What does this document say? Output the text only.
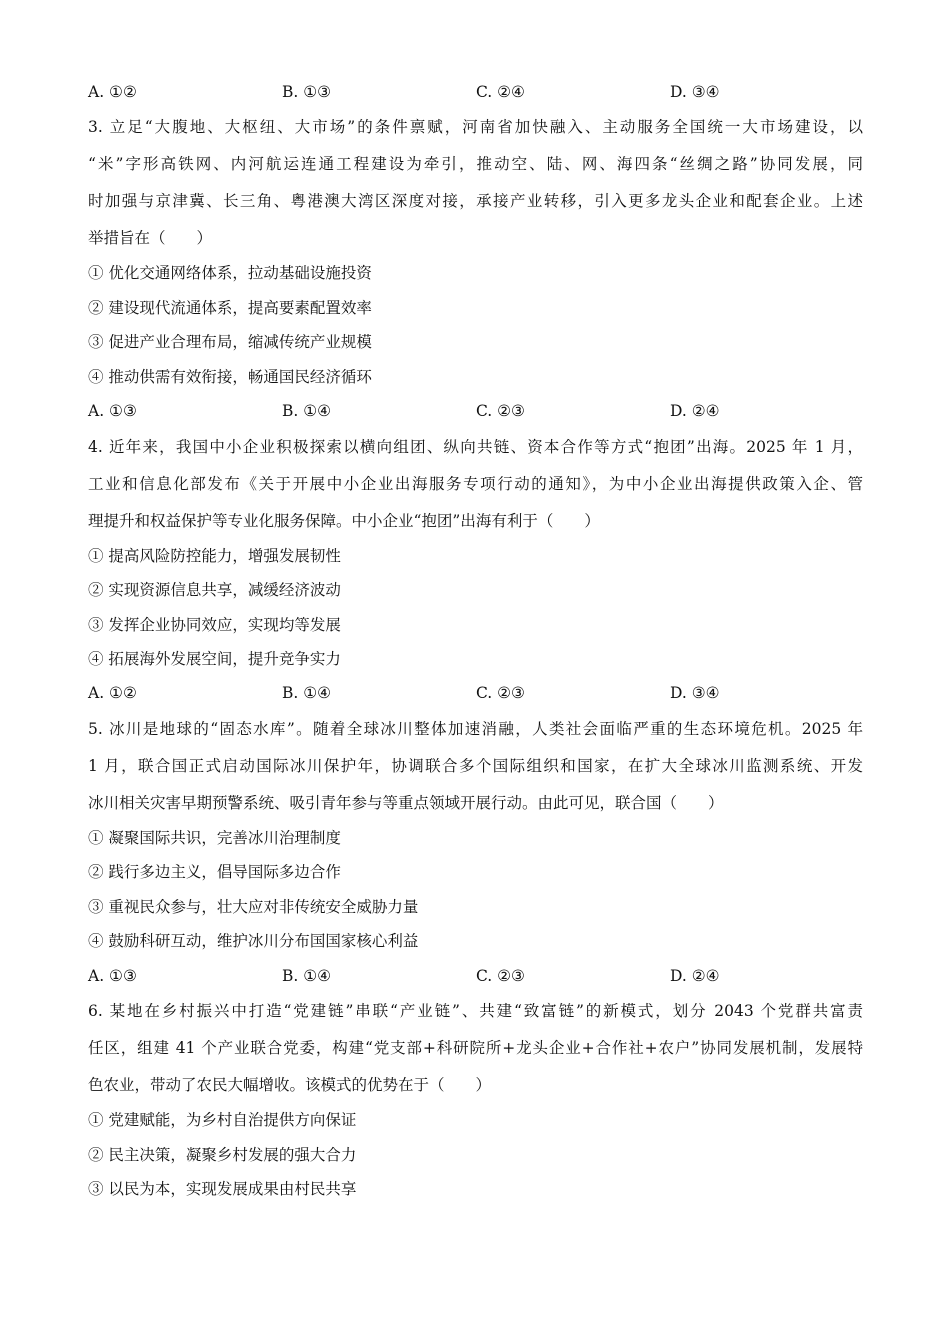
A. ①②	B. ①③	C. ②④	D. ③④
3. 立足“大腹地、大枢纽、大市场”的条件禀赋，河南省加快融入、主动服务全国统一大市场建设，以
“米”字形高铁网、内河航运连通工程建设为牵引，推动空、陆、网、海四条“丝绸之路”协同发展，同
时加强与京津冀、长三角、粤港澳大湾区深度对接，承接产业转移，引入更多龙头企业和配套企业。上述
举措旨在（　　）
① 优化交通网络体系，拉动基础设施投资
② 建设现代流通体系，提高要素配置效率
③ 促进产业合理布局，缩减传统产业规模
④ 推动供需有效衔接，畅通国民经济循环
A. ①③	B. ①④	C. ②③	D. ②④
4. 近年来，我国中小企业积极探索以横向组团、纵向共链、资本合作等方式“抱团”出海。2025 年 1 月，
工业和信息化部发布《关于开展中小企业出海服务专项行动的通知》，为中小企业出海提供政策入企、管
理提升和权益保护等专业化服务保障。中小企业“抱团”出海有利于（　　）
① 提高风险防控能力，增强发展韧性
② 实现资源信息共享，减缓经济波动
③ 发挥企业协同效应，实现均等发展
④ 拓展海外发展空间，提升竞争实力
A. ①②	B. ①④	C. ②③	D. ③④
5. 冰川是地球的“固态水库”。随着全球冰川整体加速消融，人类社会面临严重的生态环境危机。2025 年
1 月，联合国正式启动国际冰川保护年，协调联合多个国际组织和国家，在扩大全球冰川监测系统、开发
冰川相关灾害早期预警系统、吸引青年参与等重点领域开展行动。由此可见，联合国（　　）
① 凝聚国际共识，完善冰川治理制度
② 践行多边主义，倡导国际多边合作
③ 重视民众参与，壮大应对非传统安全威胁力量
④ 鼓励科研互动，维护冰川分布国国家核心利益
A. ①③	B. ①④	C. ②③	D. ②④
6. 某地在乡村振兴中打造“党建链”串联“产业链”、共建“致富链”的新模式，划分 2043 个党群共富责
任区，组建 41 个产业联合党委，构建“党支部+科研院所+龙头企业+合作社+农户”协同发展机制，发展特
色农业，带动了农民大幅增收。该模式的优势在于（　　）
① 党建赋能，为乡村自治提供方向保证
② 民主决策，凝聚乡村发展的强大合力
③ 以民为本，实现发展成果由村民共享
